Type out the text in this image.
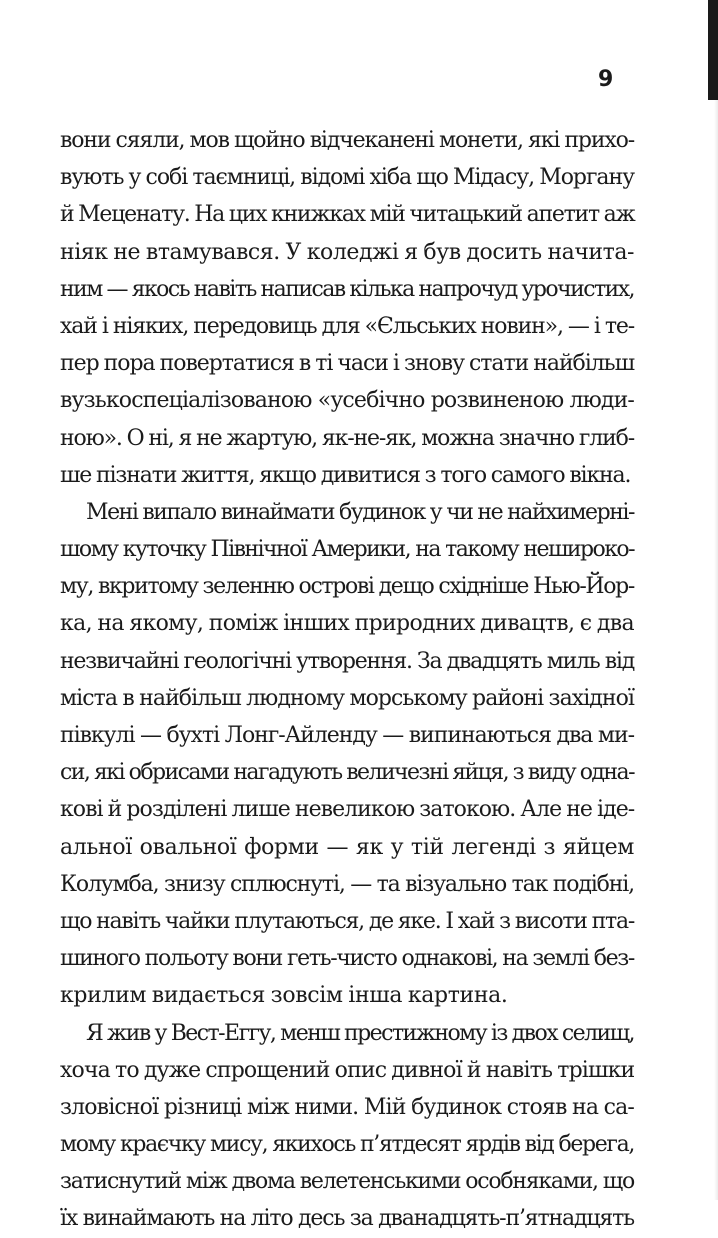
9
вони сяяли, мов щойно відчеканені монети, які прихо-
вують у собі таємниці, відомі хіба що Мідасу, Моргану
й Меценату. На цих книжках мій читацький апетит аж
ніяк не втамувався. У коледжі я був досить начита-
ним — якось навіть написав кілька напрочуд урочистих,
хай і ніяких, передовиць для «Єльських новин», — і те-
пер пора повертатися в ті часи і знову стати найбільш
вузькоспеціалізованою «усебічно розвиненою люди-
ною». О ні, я не жартую, як-не-як, можна значно глиб-
ше пізнати життя, якщо дивитися з того самого вікна.
Мені випало винаймати будинок у чи не найхимерні-
шому куточку Північної Америки, на такому нешироко-
му, вкритому зеленню острові дещо східніше Нью-Йор-
ка, на якому, поміж інших природних дивацтв, є два
незвичайні геологічні утворення. За двадцять миль від
міста в найбільш людному морському районі західної
півкулі — бухті Лонг-Айленду — випинаються два ми-
си, які обрисами нагадують величезні яйця, з виду одна-
кові й розділені лише невеликою затокою. Але не іде-
альної овальної форми — як у тій легенді з яйцем
Колумба, знизу сплюснуті, — та візуально так подібні,
що навіть чайки плутаються, де яке. І хай з висоти пта-
шиного польоту вони геть-чисто однакові, на землі без-
крилим видається зовсім інша картина.
Я жив у Вест-Еггу, менш престижному із двох селищ,
хоча то дуже спрощений опис дивної й навіть трішки
зловісної різниці між ними. Мій будинок стояв на са-
мому краєчку мису, якихось п’ятдесят ярдів від берега,
затиснутий між двома велетенськими особняками, що
їх винаймають на літо десь за дванадцять-п’ятнадцять
